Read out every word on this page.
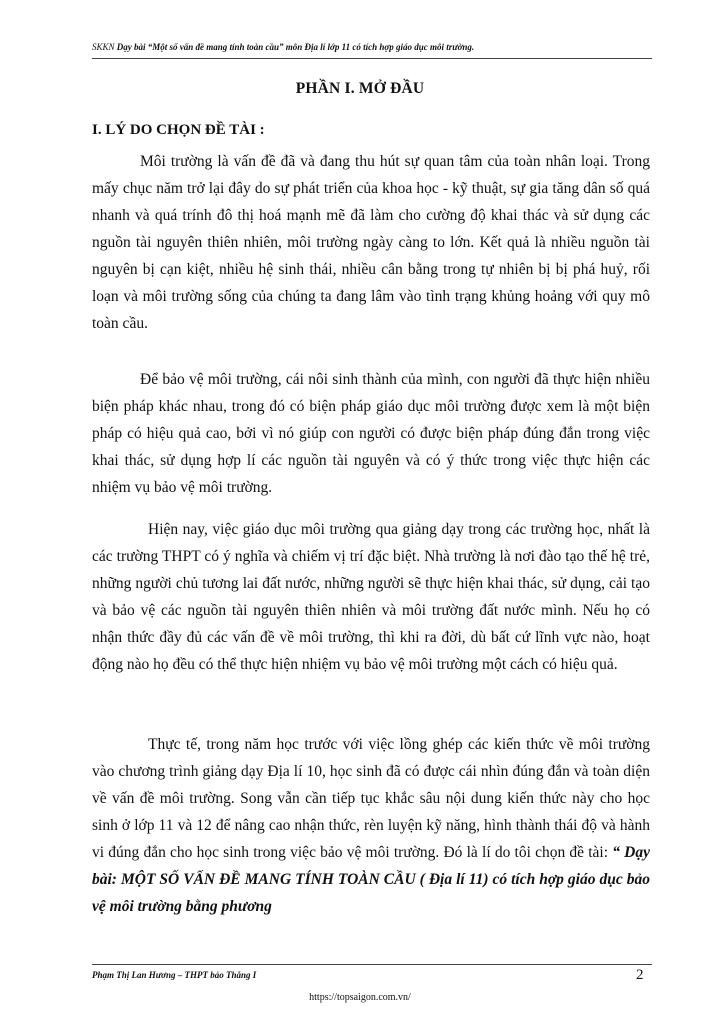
SKKN Dạy bài “Một số vấn đề mang tính toàn cầu” môn Địa lí lớp 11 có tích hợp giáo dục môi trường.
PHẦN I. MỞ ĐẦU
I. LÝ DO CHỌN ĐỀ TÀI :

Môi trường là vấn đề đã và đang thu hút sự quan tâm của toàn nhân loại. Trong mấy chục năm trở lại đây do sự phát triển của khoa học - kỹ thuật, sự gia tăng dân số quá nhanh và quá trính đô thị hoá mạnh mẽ đã làm cho cường độ khai thác và sử dụng các nguồn tài nguyên thiên nhiên, môi trường ngày càng to lớn. Kết quả là nhiều nguồn tài nguyên bị cạn kiệt, nhiều hệ sinh thái, nhiều cân bằng trong tự nhiên bị bị phá huỷ, rối loạn và môi trường sống của chúng ta đang lâm vào tình trạng khủng hoảng với quy mô toàn cầu.

Để bảo vệ môi trường, cái nôi sinh thành của mình, con người đã thực hiện nhiều biện pháp khác nhau, trong đó có biện pháp giáo dục môi trường được xem là một biện pháp có hiệu quả cao, bởi vì nó giúp con người có được biện pháp đúng đắn trong việc khai thác, sử dụng hợp lí các nguồn tài nguyên và có ý thức trong việc thực hiện các nhiệm vụ bảo vệ môi trường.

Hiện nay, việc giáo dục môi trường qua giảng dạy trong các trường học, nhất là các trường THPT có ý nghĩa và chiếm vị trí đặc biệt. Nhà trường là nơi đào tạo thế hệ trẻ, những người chủ tương lai đất nước, những người sẽ thực hiện khai thác, sử dụng, cải tạo và bảo vệ các nguồn tài nguyên thiên nhiên và môi trường đất nước mình. Nếu họ có nhận thức đầy đủ các vấn đề về môi trường, thì khi ra đời, dù bất cứ lĩnh vực nào, hoạt động nào họ đều có thể thực hiện nhiệm vụ bảo vệ môi trường một cách có hiệu quả.

Thực tế, trong năm học trước với việc lồng ghép các kiến thức về môi trường vào chương trình giảng dạy Địa lí 10, học sinh đã có được cái nhìn đúng đắn và toàn diện về vấn đề môi trường. Song vẫn cần tiếp tục khắc sâu nội dung kiến thức này cho học sinh ở lớp 11 và 12 để nâng cao nhận thức, rèn luyện kỹ năng, hình thành thái độ và hành vi đúng đắn cho học sinh trong việc bảo vệ môi trường. Đó là lí do tôi chọn đề tài: “ Dạy bài: MỘT SỐ VẤN ĐỀ MANG TÍNH TOÀN CẦU ( Địa lí 11) có tích hợp giáo dục bảo vệ môi trường bằng phương

Phạm Thị Lan Hương – THPT bảo Thắng I	2
https://topsaigon.com.vn/
